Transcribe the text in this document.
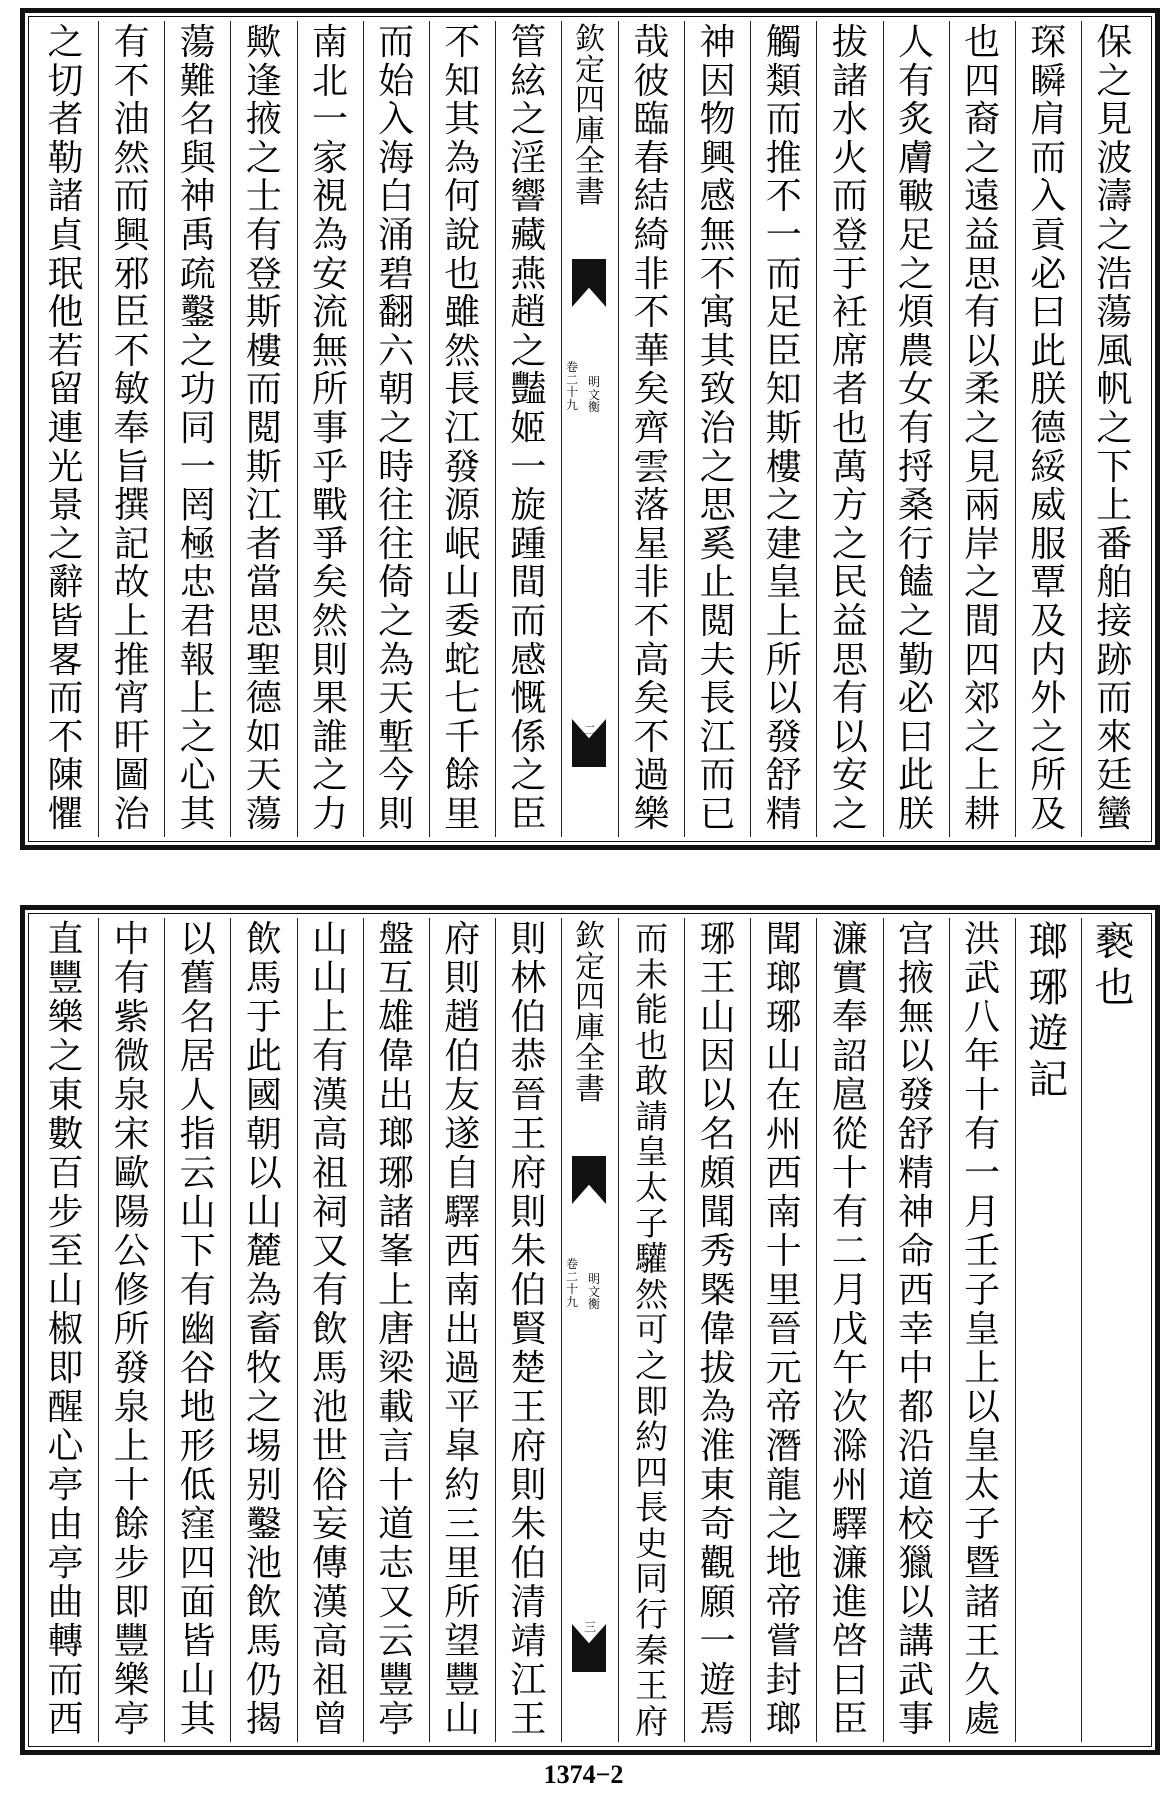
保
之
見
波
濤
之
浩
蕩
風
帆
之
下
上
番
舶
接
跡
而
來
廷
蠻
琛
瞬
肩
而
入
貢
必
曰
此
朕
德
綏
威
服
覃
及
内
外
之
所
及
也
四
裔
之
遠
益
思
有
以
柔
之
見
兩
岸
之
間
四
郊
之
上
耕
人
有
炙
膚
皸
足
之
煩
農
女
有
捋
桑
行
饁
之
勤
必
曰
此
朕
拔
諸
水
火
而
登
于
衽
席
者
也
萬
方
之
民
益
思
有
以
安
之
觸
類
而
推
不
一
而
足
臣
知
斯
樓
之
建
皇
上
所
以
發
舒
精
神
因
物
興
感
無
不
寓
其
致
治
之
思
奚
止
閲
夫
長
江
而
已
哉
彼
臨
春
結
綺
非
不
華
矣
齊
雲
落
星
非
不
高
矣
不
過
樂
欽
定
四
庫
全
書
明
文
衡
卷
二
十
九
二
管
絃
之
淫
響
藏
燕
趙
之
豔
姬
一
旋
踵
間
而
感
慨
係
之
臣
不
知
其
為
何
說
也
雖
然
長
江
發
源
岷
山
委
蛇
七
千
餘
里
而
始
入
海
白
涌
碧
翻
六
朝
之
時
往
往
倚
之
為
天
塹
今
則
南
北
一
家
視
為
安
流
無
所
事
乎
戰
爭
矣
然
則
果
誰
之
力
歟
逢
掖
之
士
有
登
斯
樓
而
閲
斯
江
者
當
思
聖
德
如
天
蕩
蕩
難
名
與
神
禹
疏
鑿
之
功
同
一
罔
極
忠
君
報
上
之
心
其
有
不
油
然
而
興
邪
臣
不
敏
奉
旨
撰
記
故
上
推
宵
旰
圖
治
之
切
者
勒
諸
貞
珉
他
若
留
連
光
景
之
辭
皆
畧
而
不
陳
懼
褻
也
瑯
琊
遊
記
洪
武
八
年
十
有
一
月
壬
子
皇
上
以
皇
太
子
暨
諸
王
久
處
宫
掖
無
以
發
舒
精
神
命
西
幸
中
都
沿
道
校
獵
以
講
武
事
濂
實
奉
詔
扈
從
十
有
二
月
戊
午
次
滁
州
驛
濂
進
啓
曰
臣
聞
瑯
琊
山
在
州
西
南
十
里
晉
元
帝
潛
龍
之
地
帝
嘗
封
瑯
琊
王
山
因
以
名
頗
聞
秀
槩
偉
拔
為
淮
東
奇
觀
願
一
遊
焉
而
未
能
也
敢
請
皇
太
子
驩
然
可
之
即
約
四
長
史
同
行
秦
王
府
欽
定
四
庫
全
書
明
文
衡
卷
二
十
九
三
則
林
伯
恭
晉
王
府
則
朱
伯
賢
楚
王
府
則
朱
伯
清
靖
江
王
府
則
趙
伯
友
遂
自
驛
西
南
出
過
平
皐
約
三
里
所
望
豐
山
盤
互
雄
偉
出
瑯
琊
諸
峯
上
唐
梁
載
言
十
道
志
又
云
豐
亭
山
山
上
有
漢
高
祖
祠
又
有
飲
馬
池
世
俗
妄
傳
漢
高
祖
曾
飲
馬
于
此
國
朝
以
山
麓
為
畜
牧
之
埸
别
鑿
池
飲
馬
仍
揭
以
舊
名
居
人
指
云
山
下
有
幽
谷
地
形
低
窪
四
面
皆
山
其
中
有
紫
微
泉
宋
歐
陽
公
修
所
發
泉
上
十
餘
步
即
豐
樂
亭
直
豐
樂
之
東
數
百
步
至
山
椒
即
醒
心
亭
由
亭
曲
轉
而
西
1374−2
